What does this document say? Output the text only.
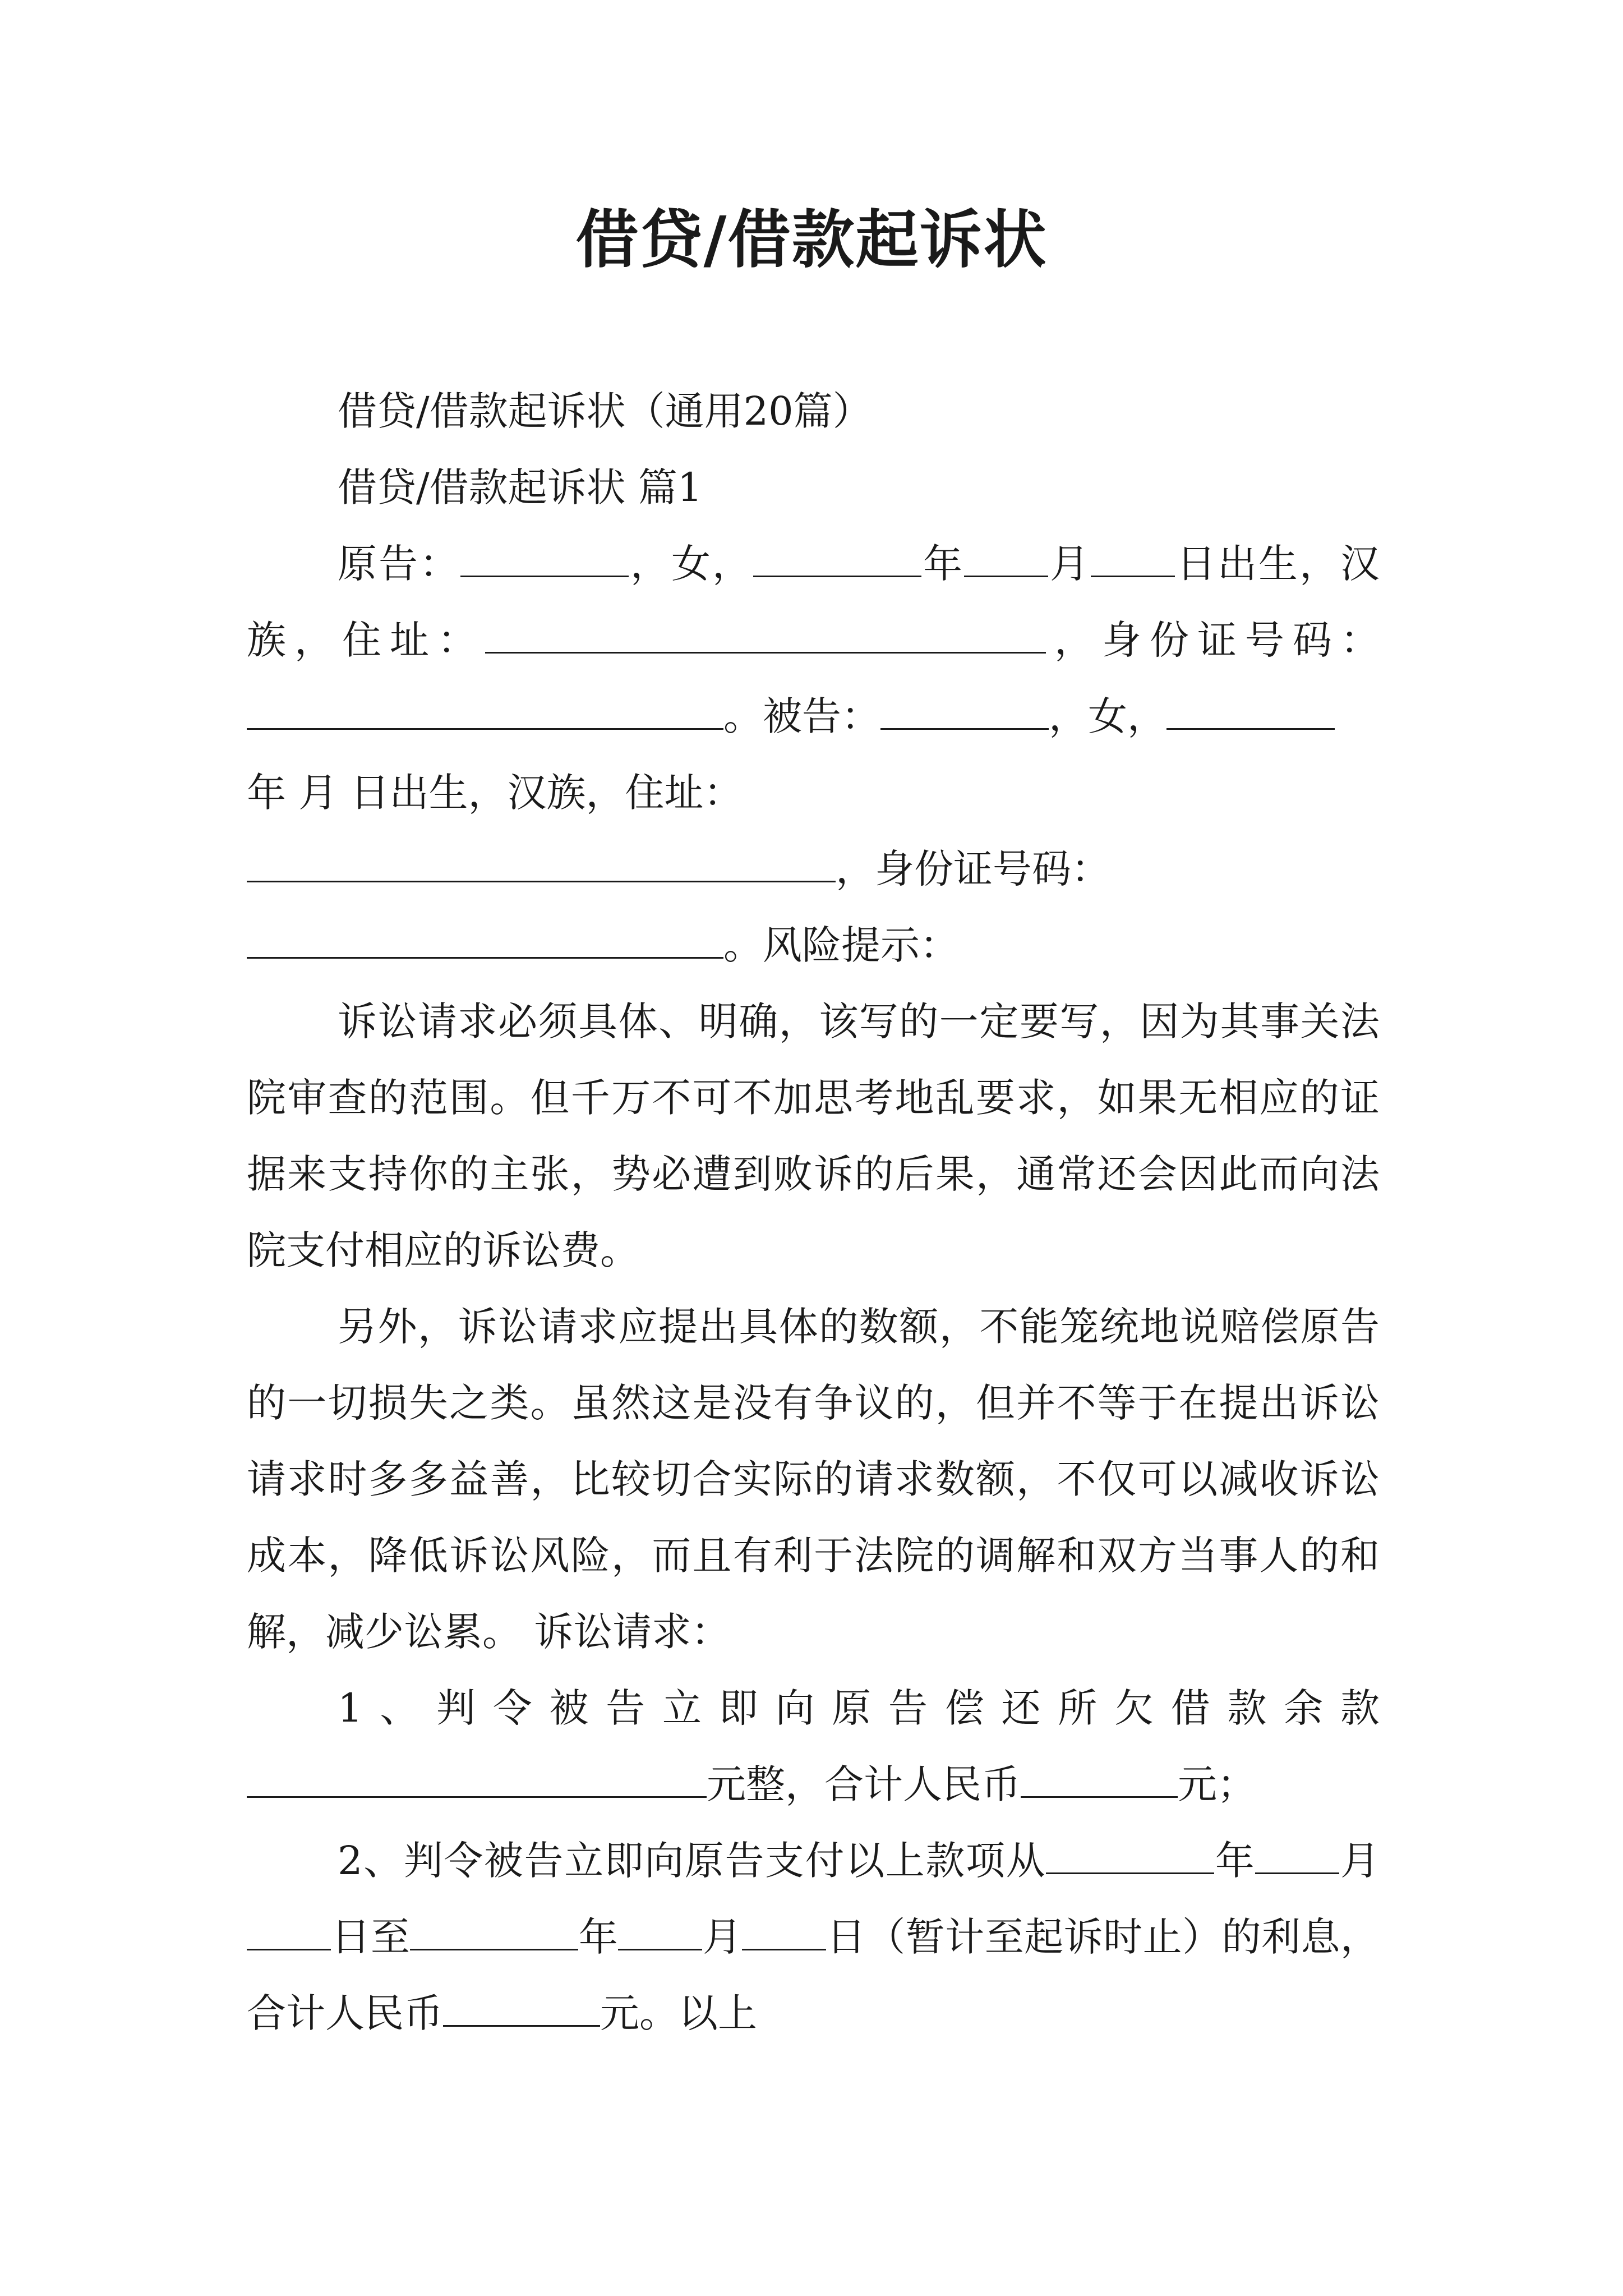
借贷/借款起诉状

借贷/借款起诉状（通用20篇）

借贷/借款起诉状 篇1

原告：	，女，	年 月 日出生，汉族，住址：	，身份证号码：。被告：	，女，

年 月 日出生，汉族，住址：

，身份证号码：

。风险提示：

诉讼请求必须具体、明确，该写的一定要写，因为其事关法院审查的范围。但千万不可不加思考地乱要求，如果无相应的证据来支持你的主张，势必遭到败诉的后果，通常还会因此而向法院支付相应的诉讼费。

另外，诉讼请求应提出具体的数额，不能笼统地说赔偿原告的一切损失之类。虽然这是没有争议的，但并不等于在提出诉讼请求时多多益善，比较切合实际的请求数额，不仅可以减收诉讼成本，降低诉讼风险，而且有利于法院的调解和双方当事人的和解，减少讼累。 诉讼请求：

1、判令被告立即向原告偿还所欠借款余款元整，合计人民币	元；

2、判令被告立即向原告支付以上款项从	年 月日至	年 月 日（暂计至起诉时止）的利息，合计人民币	元。以上
